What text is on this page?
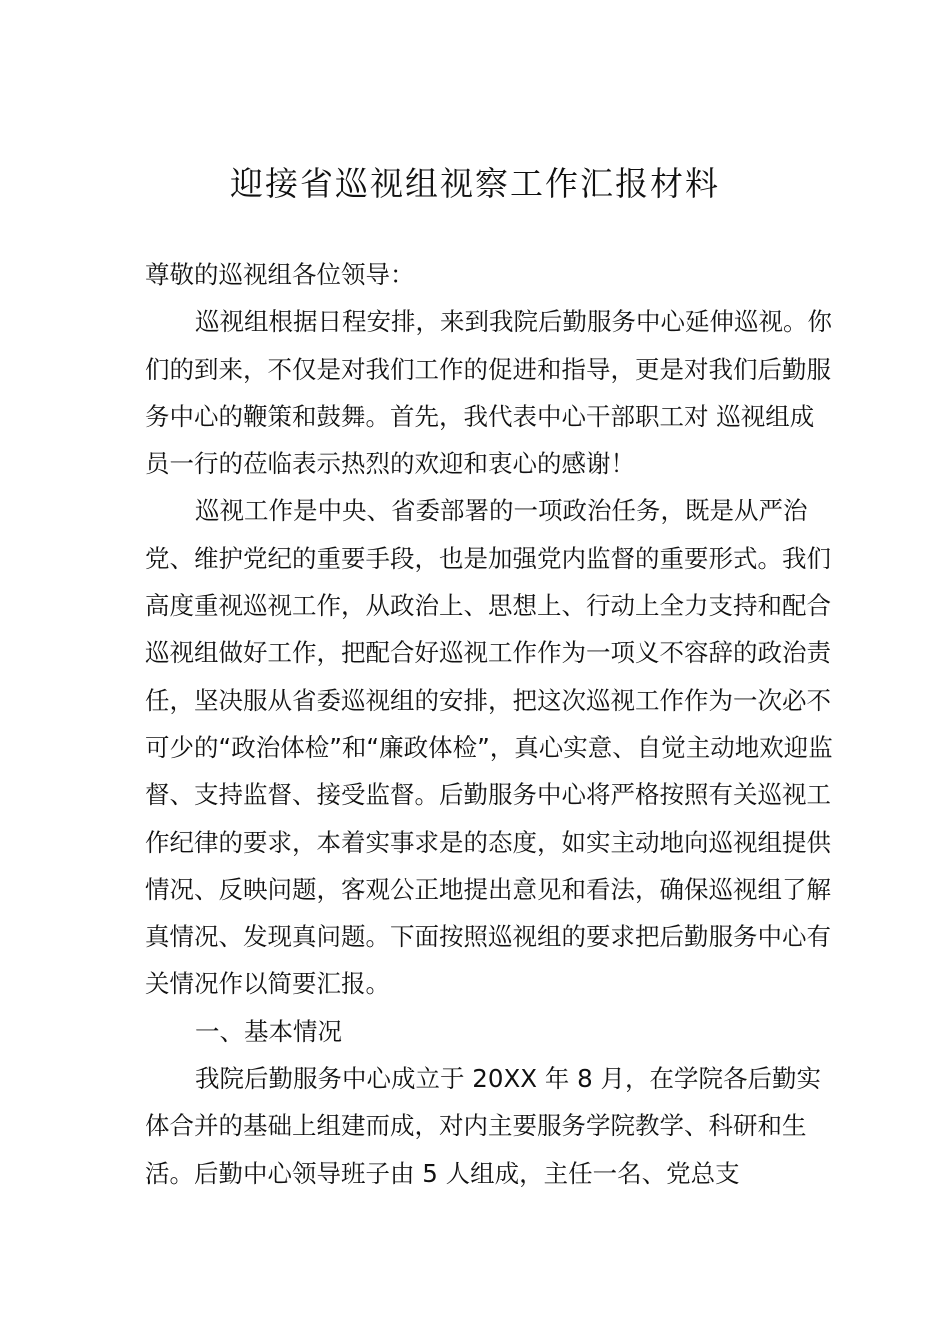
迎接省巡视组视察工作汇报材料

尊敬的巡视组各位领导：

巡视组根据日程安排，来到我院后勤服务中心延伸巡视。你们的到来，不仅是对我们工作的促进和指导，更是对我们后勤服务中心的鞭策和鼓舞。首先，我代表中心干部职工对 巡视组成员一行的莅临表示热烈的欢迎和衷心的感谢！

巡视工作是中央、省委部署的一项政治任务，既是从严治党、维护党纪的重要手段，也是加强党内监督的重要形式。我们高度重视巡视工作，从政治上、思想上、行动上全力支持和配合巡视组做好工作，把配合好巡视工作作为一项义不容辞的政治责任，坚决服从省委巡视组的安排，把这次巡视工作作为一次必不可少的“政治体检”和“廉政体检”，真心实意、自觉主动地欢迎监督、支持监督、接受监督。后勤服务中心将严格按照有关巡视工作纪律的要求，本着实事求是的态度，如实主动地向巡视组提供情况、反映问题，客观公正地提出意见和看法，确保巡视组了解真情况、发现真问题。下面按照巡视组的要求把后勤服务中心有关情况作以简要汇报。

一、基本情况

我院后勤服务中心成立于 20XX 年 8 月，在学院各后勤实体合并的基础上组建而成，对内主要服务学院教学、科研和生活。后勤中心领导班子由 5 人组成，主任一名、党总支
